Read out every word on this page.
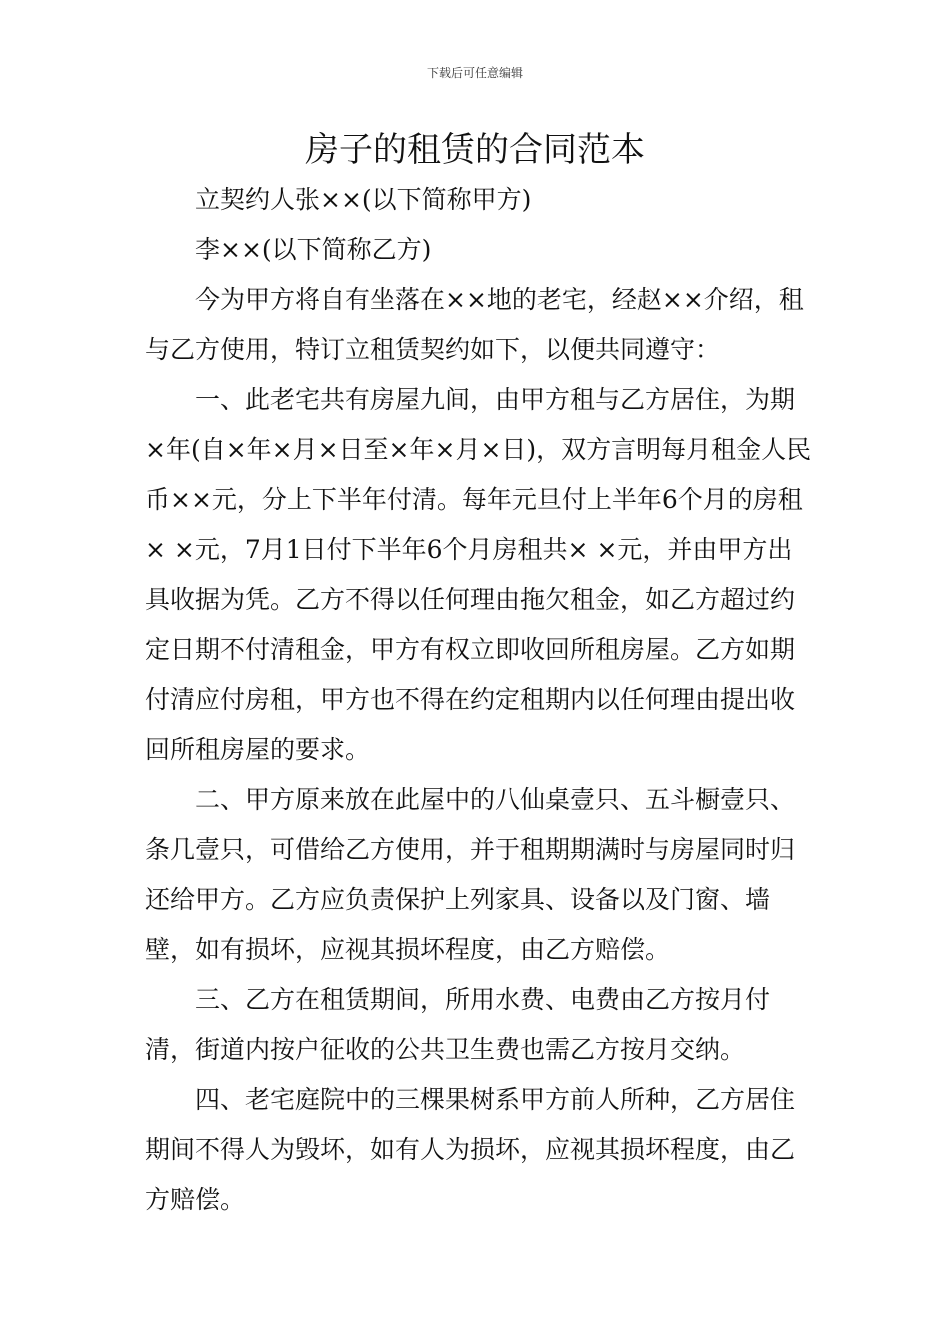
下载后可任意编辑
房子的租赁的合同范本

立契约人张××(以下简称甲方)

李××(以下简称乙方)

今为甲方将自有坐落在××地的老宅，经赵××介绍，租与乙方使用，特订立租赁契约如下，以便共同遵守：

一、此老宅共有房屋九间，由甲方租与乙方居住，为期×年(自×年×月×日至×年×月×日)，双方言明每月租金人民币××元，分上下半年付清。每年元旦付上半年6个月的房租× ×元，7月1日付下半年6个月房租共× ×元，并由甲方出具收据为凭。乙方不得以任何理由拖欠租金，如乙方超过约定日期不付清租金，甲方有权立即收回所租房屋。乙方如期付清应付房租，甲方也不得在约定租期内以任何理由提出收回所租房屋的要求。

二、甲方原来放在此屋中的八仙桌壹只、五斗橱壹只、条几壹只，可借给乙方使用，并于租期期满时与房屋同时归还给甲方。乙方应负责保护上列家具、设备以及门窗、墙壁，如有损坏，应视其损坏程度，由乙方赔偿。

三、乙方在租赁期间，所用水费、电费由乙方按月付清，街道内按户征收的公共卫生费也需乙方按月交纳。

四、老宅庭院中的三棵果树系甲方前人所种，乙方居住期间不得人为毁坏，如有人为损坏，应视其损坏程度，由乙方赔偿。
